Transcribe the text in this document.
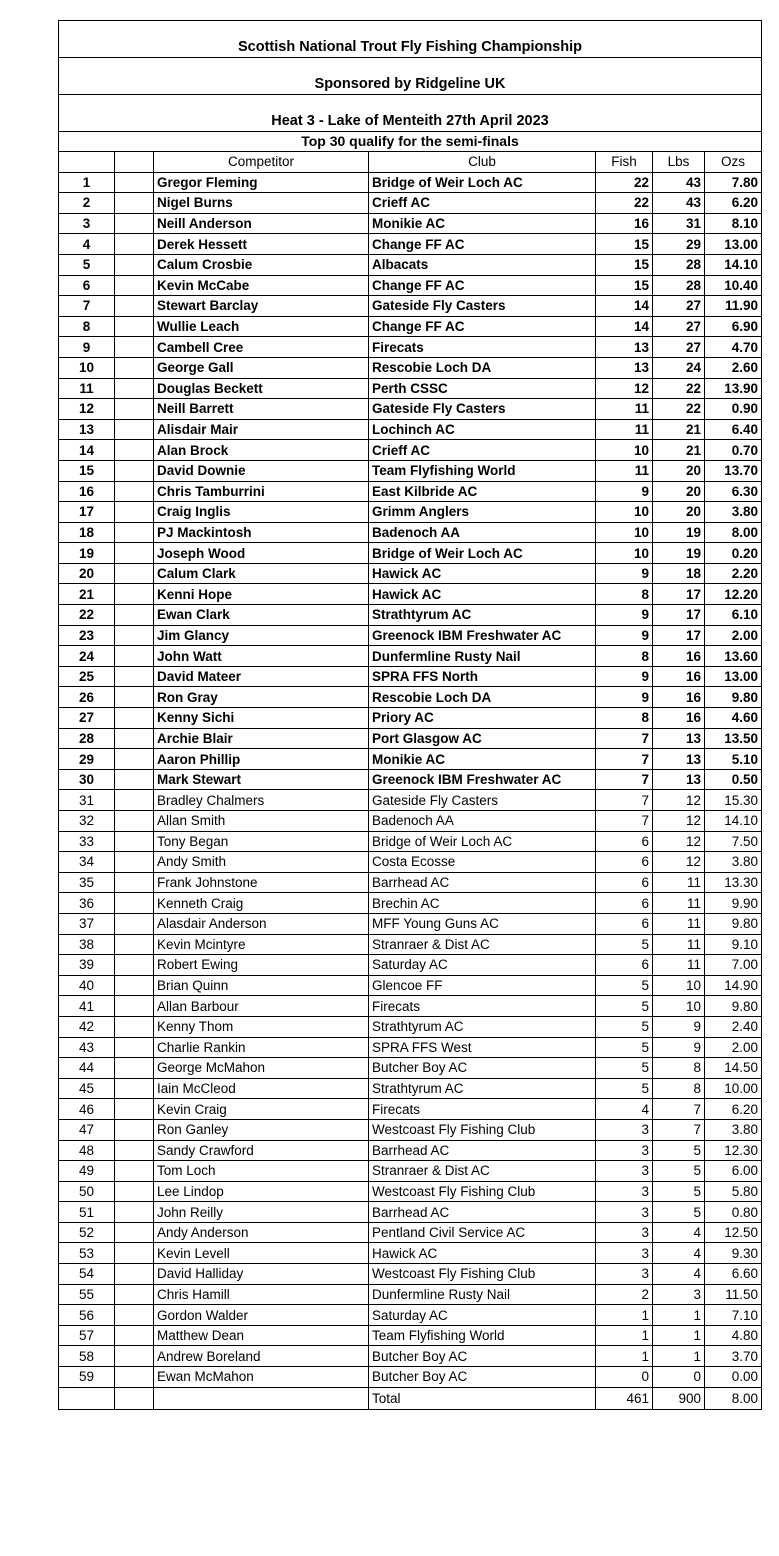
Scottish National Trout Fly Fishing Championship						
Sponsored by Ridgeline UK						
Heat 3 - Lake of Menteith 27th April 2023						
Top 30 qualify for the semi-finals						
		Competitor	Club	Fish	Lbs	Ozs
1		Gregor Fleming	Bridge of Weir Loch AC	22	43	7.80
2		Nigel Burns	Crieff AC	22	43	6.20
3		Neill Anderson	Monikie AC	16	31	8.10
4		Derek Hessett	Change FF AC	15	29	13.00
5		Calum Crosbie	Albacats	15	28	14.10
6		Kevin McCabe	Change FF AC	15	28	10.40
7		Stewart Barclay	Gateside Fly Casters	14	27	11.90
8		Wullie Leach	Change FF AC	14	27	6.90
9		Cambell Cree	Firecats	13	27	4.70
10		George Gall	Rescobie Loch DA	13	24	2.60
11		Douglas Beckett	Perth CSSC	12	22	13.90
12		Neill Barrett	Gateside Fly Casters	11	22	0.90
13		Alisdair Mair	Lochinch AC	11	21	6.40
14		Alan Brock	Crieff AC	10	21	0.70
15		David Downie	Team Flyfishing World	11	20	13.70
16		Chris Tamburrini	East Kilbride AC	9	20	6.30
17		Craig Inglis	Grimm Anglers	10	20	3.80
18		PJ Mackintosh	Badenoch AA	10	19	8.00
19		Joseph Wood	Bridge of Weir Loch AC	10	19	0.20
20		Calum Clark	Hawick AC	9	18	2.20
21		Kenni Hope	Hawick AC	8	17	12.20
22		Ewan Clark	Strathtyrum AC	9	17	6.10
23		Jim Glancy	Greenock IBM Freshwater AC	9	17	2.00
24		John Watt	Dunfermline Rusty Nail	8	16	13.60
25		David Mateer	SPRA FFS North	9	16	13.00
26		Ron Gray	Rescobie Loch DA	9	16	9.80
27		Kenny Sichi	Priory AC	8	16	4.60
28		Archie Blair	Port Glasgow AC	7	13	13.50
29		Aaron Phillip	Monikie AC	7	13	5.10
30		Mark Stewart	Greenock IBM Freshwater AC	7	13	0.50
31		Bradley Chalmers	Gateside Fly Casters	7	12	15.30
32		Allan Smith	Badenoch AA	7	12	14.10
33		Tony Began	Bridge of Weir Loch AC	6	12	7.50
34		Andy Smith	Costa Ecosse	6	12	3.80
35		Frank Johnstone	Barrhead AC	6	11	13.30
36		Kenneth Craig	Brechin AC	6	11	9.90
37		Alasdair Anderson	MFF Young Guns AC	6	11	9.80
38		Kevin Mcintyre	Stranraer & Dist AC	5	11	9.10
39		Robert Ewing	Saturday AC	6	11	7.00
40		Brian Quinn	Glencoe FF	5	10	14.90
41		Allan Barbour	Firecats	5	10	9.80
42		Kenny Thom	Strathtyrum AC	5	9	2.40
43		Charlie Rankin	SPRA FFS West	5	9	2.00
44		George McMahon	Butcher Boy AC	5	8	14.50
45		Iain McCleod	Strathtyrum AC	5	8	10.00
46		Kevin Craig	Firecats	4	7	6.20
47		Ron Ganley	Westcoast Fly Fishing Club	3	7	3.80
48		Sandy Crawford	Barrhead AC	3	5	12.30
49		Tom Loch	Stranraer & Dist AC	3	5	6.00
50		Lee Lindop	Westcoast Fly Fishing Club	3	5	5.80
51		John Reilly	Barrhead AC	3	5	0.80
52		Andy Anderson	Pentland Civil Service AC	3	4	12.50
53		Kevin Levell	Hawick AC	3	4	9.30
54		David Halliday	Westcoast Fly Fishing Club	3	4	6.60
55		Chris Hamill	Dunfermline Rusty Nail	2	3	11.50
56		Gordon Walder	Saturday AC	1	1	7.10
57		Matthew Dean	Team Flyfishing World	1	1	4.80
58		Andrew Boreland	Butcher Boy AC	1	1	3.70
59		Ewan McMahon	Butcher Boy AC	0	0	0.00
			Total	461	900	8.00
